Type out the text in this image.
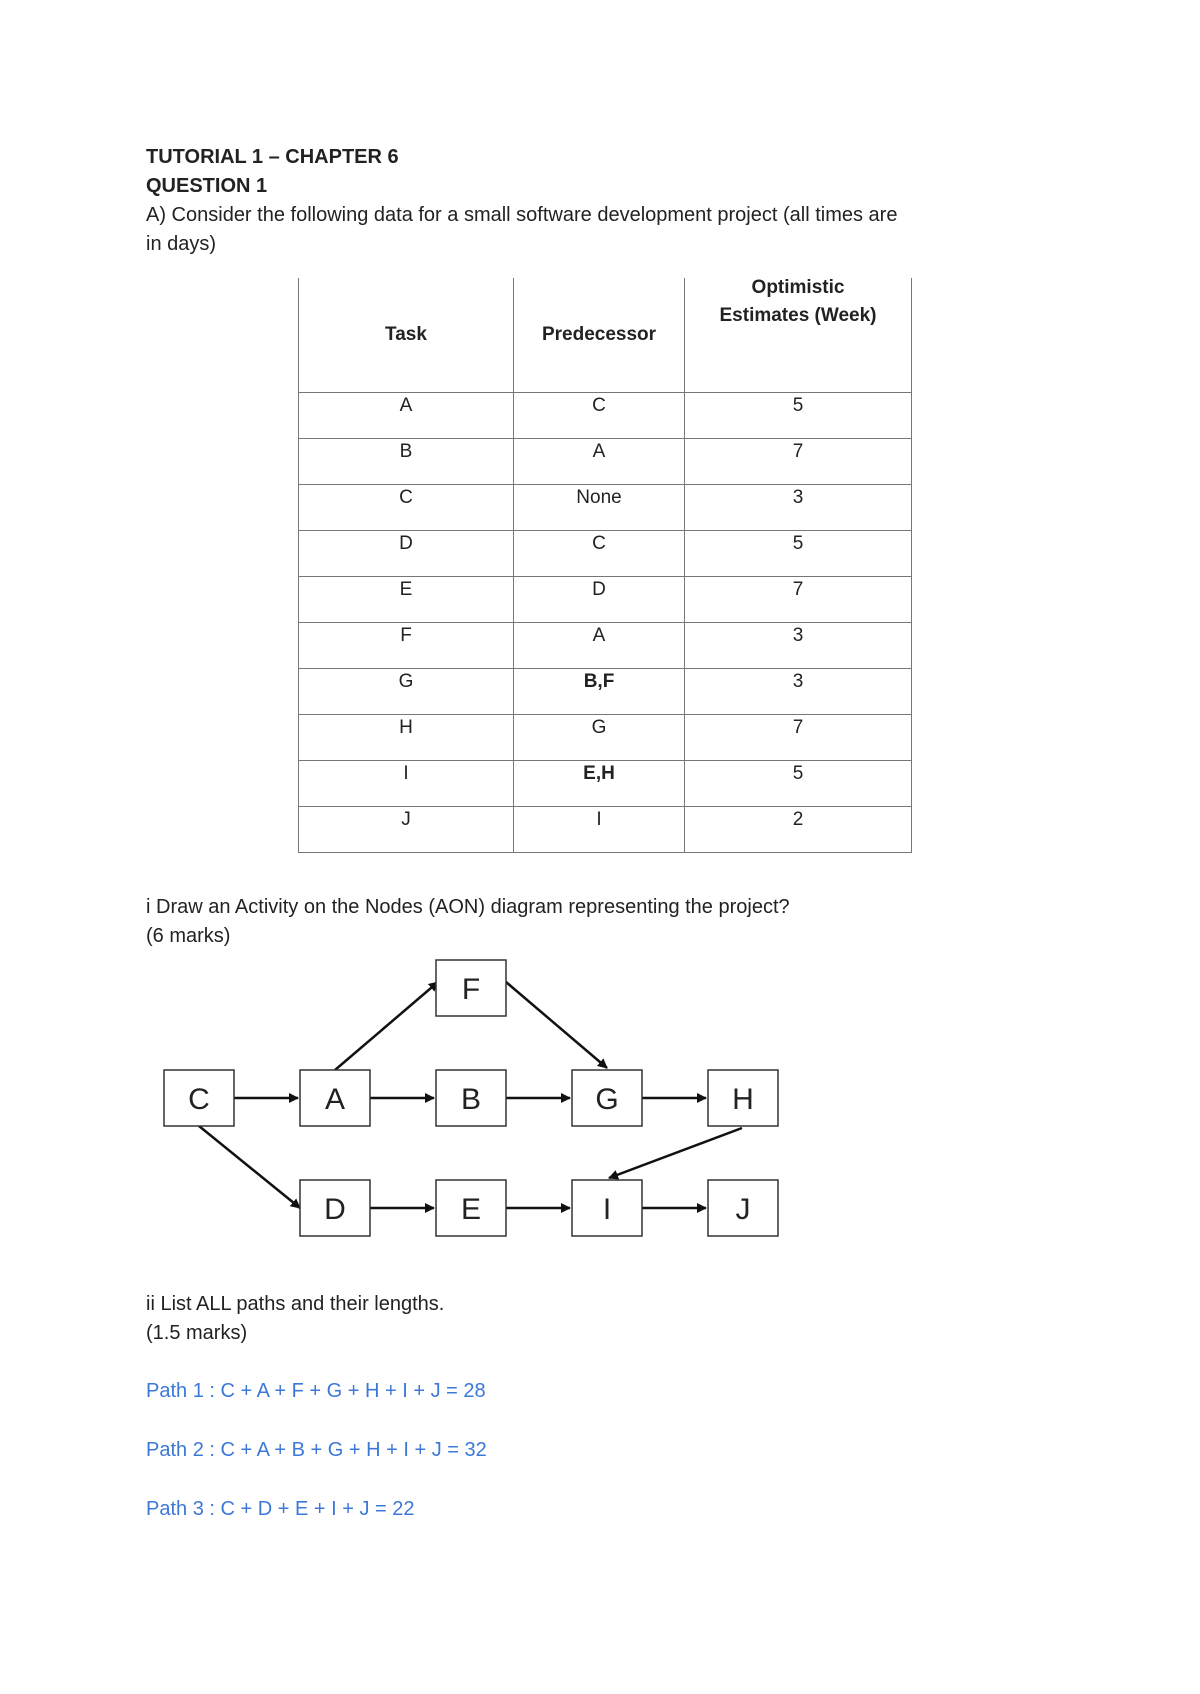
TUTORIAL 1 – CHAPTER 6
QUESTION 1
A) Consider the following data for a small software development project (all times are
in days)
Task	Predecessor	Optimistic
Estimates (Week)

A	C	5
B	A	7
C	None	3
D	C	5
E	D	7
F	A	3
G	B,F	3
H	G	7
I	E,H	5
J	I	2
i Draw an Activity on the Nodes (AON) diagram representing the project?
(6 marks)
C	A
F
B	G	H
D	E	I	J
ii List ALL paths and their lengths.
(1.5 marks)
Path 1 : C + A + F + G + H + I + J = 28
Path 2 : C + A + B + G + H + I + J = 32
Path 3 : C + D + E + I + J = 22
